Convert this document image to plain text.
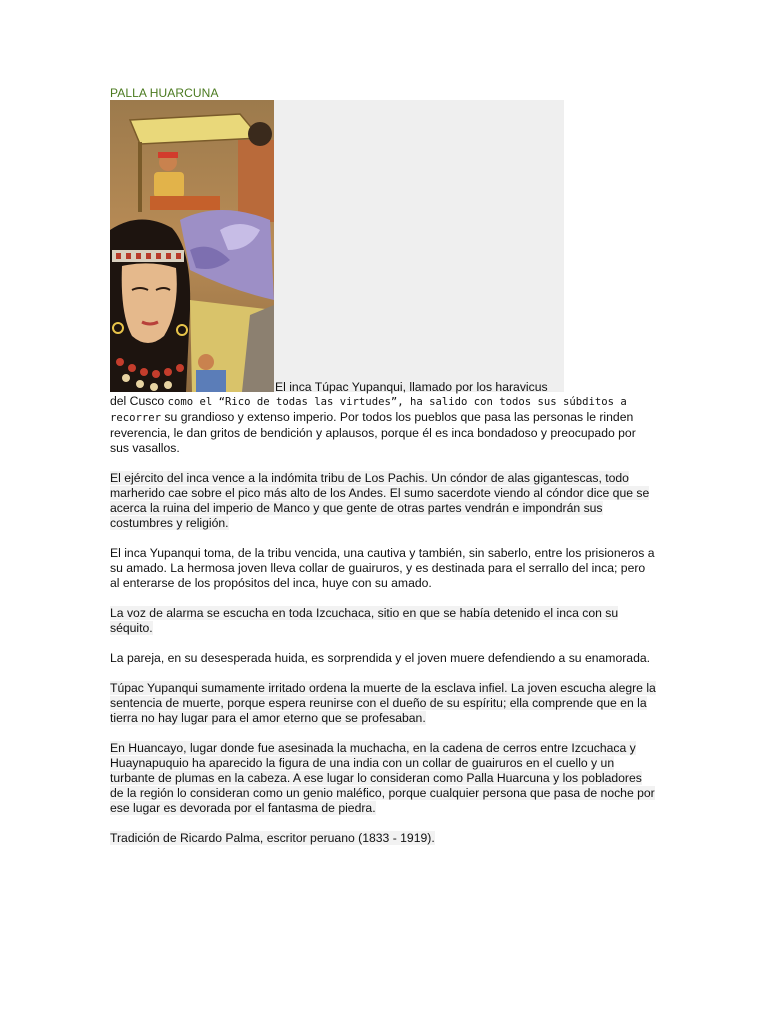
PALLA HUARCUNA
El inca Túpac Yupanqui, llamado por los haravicus

del Cusco como el “Rico de todas las virtudes”, ha salido con todos sus súbditos a recorrer su grandioso y extenso imperio. Por todos los pueblos que pasa las personas le rinden reverencia, le dan gritos de bendición y aplausos, porque él es inca bondadoso y preocupado por sus vasallos.

El ejército del inca vence a la indómita tribu de Los Pachis. Un cóndor de alas gigantescas, todo marherido cae sobre el pico más alto de los Andes. El sumo sacerdote viendo al cóndor dice que se acerca la ruina del imperio de Manco y que gente de otras partes vendrán e impondrán sus costumbres y religión.

El inca Yupanqui toma, de la tribu vencida, una cautiva y también, sin saberlo, entre los prisioneros a su amado. La hermosa joven lleva collar de guairuros, y es destinada para el serrallo del inca; pero al enterarse de los propósitos del inca, huye con su amado.

La voz de alarma se escucha en toda Izcuchaca, sitio en que se había detenido el inca con su séquito.

La pareja, en su desesperada huida, es sorprendida y el joven muere defendiendo a su enamorada.

Túpac Yupanqui sumamente irritado ordena la muerte de la esclava infiel. La joven escucha alegre la sentencia de muerte, porque espera reunirse con el dueño de su espíritu; ella comprende que en la tierra no hay lugar para el amor eterno que se profesaban.

En Huancayo, lugar donde fue asesinada la muchacha, en la cadena de cerros entre Izcuchaca y Huaynapuquio ha aparecido la figura de una india con un collar de guairuros en el cuello y un turbante de plumas en la cabeza. A ese lugar lo consideran como Palla Huarcuna y los pobladores de la región lo consideran como un genio maléfico, porque cualquier persona que pasa de noche por ese lugar es devorada por el fantasma de piedra.

Tradición de Ricardo Palma, escritor peruano (1833 - 1919).
